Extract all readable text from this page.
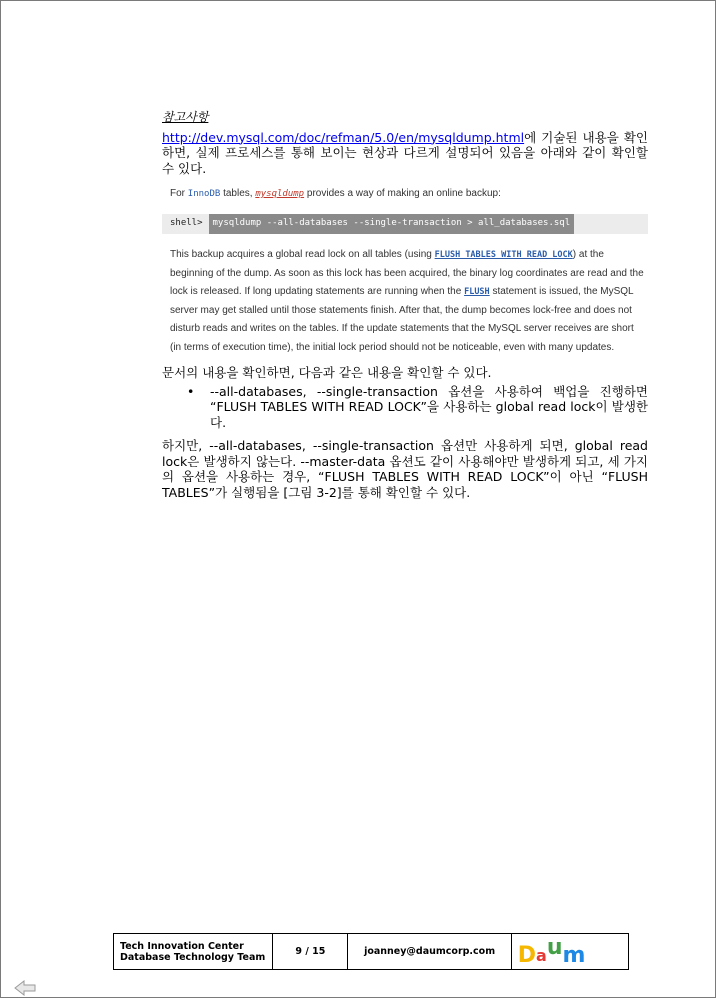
참고사항

http://dev.mysql.com/doc/refman/5.0/en/mysqldump.html에 기술된 내용을 확인하면, 실제 프로세스를 통해 보이는 현상과 다르게 설명되어 있음을 아래와 같이 확인할 수 있다.

For InnoDB tables, mysqldump provides a way of making an online backup:
shell>	mysqldump --all-databases --single-transaction > all_databases.sql
This backup acquires a global read lock on all tables (using FLUSH TABLES WITH READ LOCK) at the beginning of the dump. As soon as this lock has been acquired, the binary log coordinates are read and the lock is released. If long updating statements are running when the FLUSH statement is issued, the MySQL server may get stalled until those statements finish. After that, the dump becomes lock-free and does not disturb reads and writes on the tables. If the update statements that the MySQL server receives are short (in terms of execution time), the initial lock period should not be noticeable, even with many updates.

문서의 내용을 확인하면, 다음과 같은 내용을 확인할 수 있다.

• --all-databases, --single-transaction 옵션을 사용하여 백업을 진행하면 “FLUSH TABLES WITH READ LOCK”을 사용하는 global read lock이 발생한다.

하지만, --all-databases, --single-transaction 옵션만 사용하게 되면, global read lock은 발생하지 않는다. --master-data 옵션도 같이 사용해야만 발생하게 되고, 세 가지의 옵션을 사용하는 경우, “FLUSH TABLES WITH READ LOCK”이 아닌 “FLUSH TABLES”가 실행됨을 [그림 3-2]를 통해 확인할 수 있다.

Tech Innovation Center
Database Technology Team	9 / 15	joanney@daumcorp.com	D a u m
